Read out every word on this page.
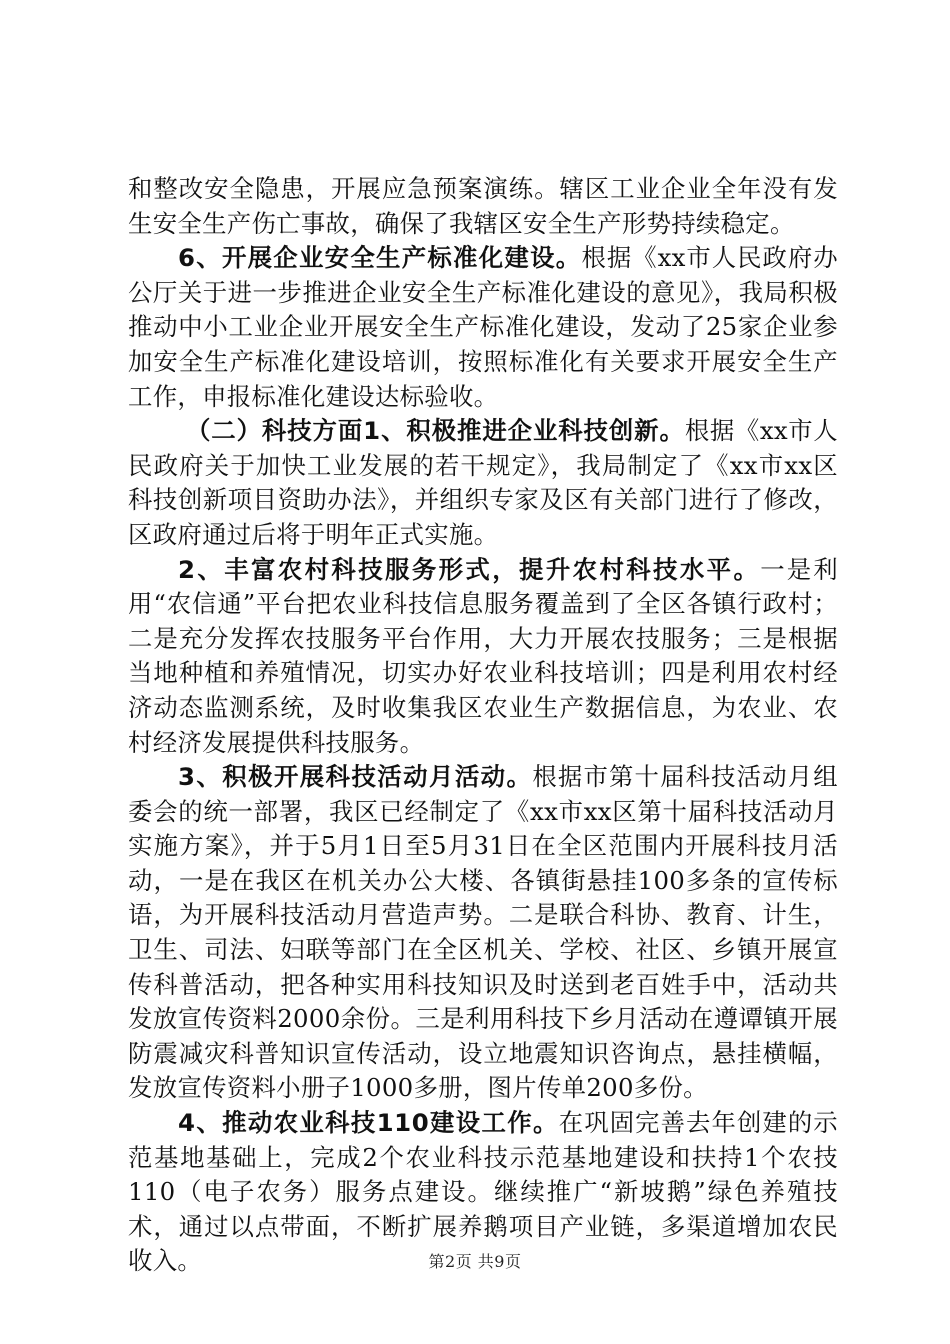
和整改安全隐患，开展应急预案演练。辖区工业企业全年没有发生安全生产伤亡事故，确保了我辖区安全生产形势持续稳定。

6、开展企业安全生产标准化建设。根据《xx市人民政府办公厅关于进一步推进企业安全生产标准化建设的意见》，我局积极推动中小工业企业开展安全生产标准化建设，发动了25家企业参加安全生产标准化建设培训，按照标准化有关要求开展安全生产工作，申报标准化建设达标验收。

（二）科技方面1、积极推进企业科技创新。根据《xx市人民政府关于加快工业发展的若干规定》，我局制定了《xx市xx区科技创新项目资助办法》，并组织专家及区有关部门进行了修改，区政府通过后将于明年正式实施。

2、丰富农村科技服务形式，提升农村科技水平。一是利用“农信通”平台把农业科技信息服务覆盖到了全区各镇行政村；二是充分发挥农技服务平台作用，大力开展农技服务；三是根据当地种植和养殖情况，切实办好农业科技培训；四是利用农村经济动态监测系统，及时收集我区农业生产数据信息，为农业、农村经济发展提供科技服务。

3、积极开展科技活动月活动。根据市第十届科技活动月组委会的统一部署，我区已经制定了《xx市xx区第十届科技活动月实施方案》，并于5月1日至5月31日在全区范围内开展科技月活动，一是在我区在机关办公大楼、各镇街悬挂100多条的宣传标语，为开展科技活动月营造声势。二是联合科协、教育、计生，卫生、司法、妇联等部门在全区机关、学校、社区、乡镇开展宣传科普活动，把各种实用科技知识及时送到老百姓手中，活动共发放宣传资料2000余份。三是利用科技下乡月活动在遵谭镇开展防震减灾科普知识宣传活动，设立地震知识咨询点，悬挂横幅，发放宣传资料小册子1000多册，图片传单200多份。

4、推动农业科技110建设工作。在巩固完善去年创建的示范基地基础上，完成2个农业科技示范基地建设和扶持1个农技110（电子农务）服务点建设。继续推广“新坡鹅”绿色养殖技术，通过以点带面，不断扩展养鹅项目产业链，多渠道增加农民收入。	第2页 共9页
